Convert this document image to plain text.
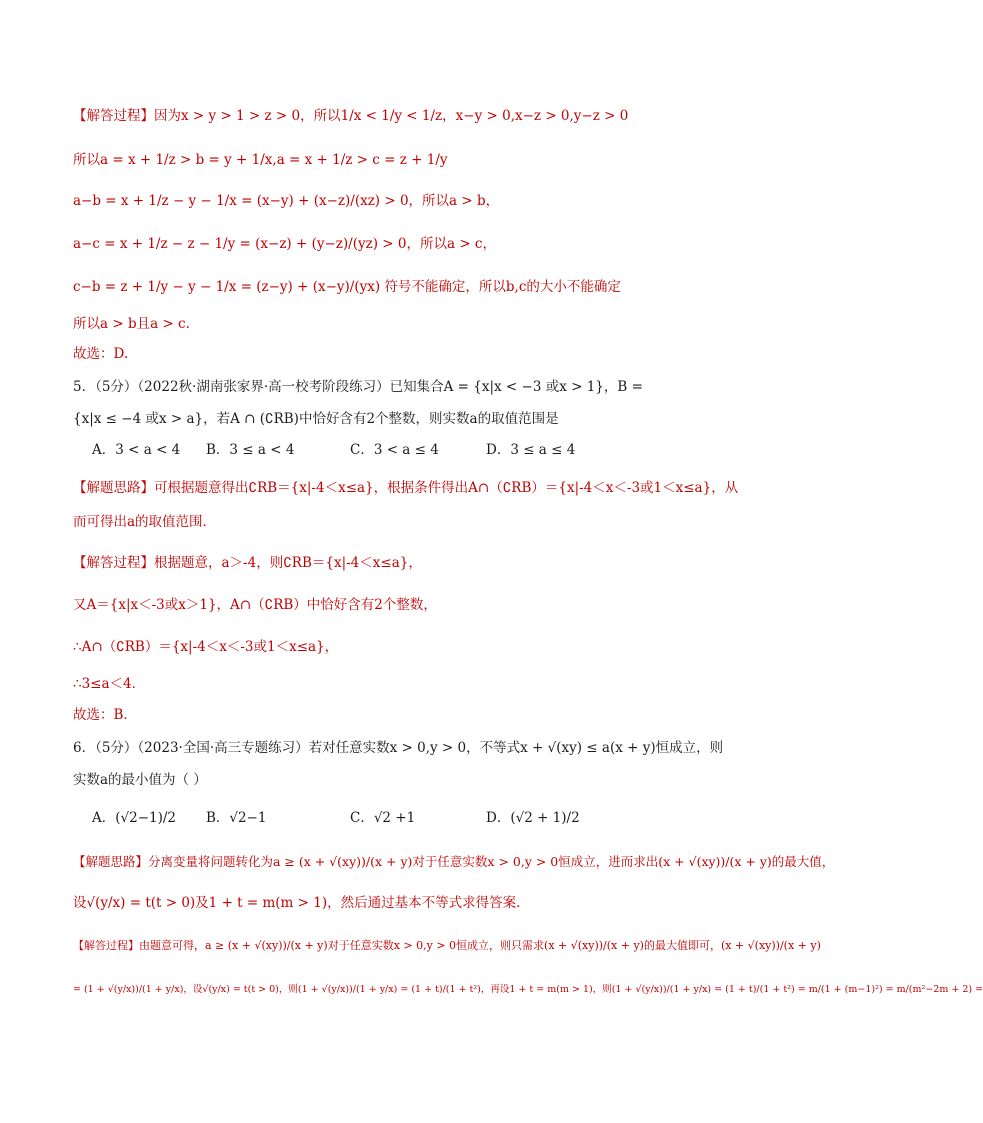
【解答过程】因为x > y > 1 > z > 0，所以1/x < 1/y < 1/z，x−y > 0,x−z > 0,y−z > 0
所以a = x + 1/z > b = y + 1/x,a = x + 1/z > c = z + 1/y
a−b = x + 1/z − y − 1/x = (x−y) + (x−z)/(xz) > 0，所以a > b，
a−c = x + 1/z − z − 1/y = (x−z) + (y−z)/(yz) > 0，所以a > c，
c−b = z + 1/y − y − 1/x = (z−y) + (x−y)/(yx) 符号不能确定，所以b,c的大小不能确定
所以a > b且a > c.
故选：D.
5．（5分）（2022秋·湖南张家界·高一校考阶段练习）已知集合A = {x|x < −3 或x > 1}，B =
{x|x ≤ −4 或x > a}，若A ∩ (∁RB)中恰好含有2个整数，则实数a的取值范围是
A．3 < a < 4 B．3 ≤ a < 4	C．3 < a ≤ 4	D．3 ≤ a ≤ 4
【解题思路】可根据题意得出∁RB＝{x|-4＜x≤a}，根据条件得出A∩（∁RB）＝{x|-4＜x＜-3或1＜x≤a}，从
而可得出a的取值范围．
【解答过程】根据题意，a＞-4，则∁RB＝{x|-4＜x≤a}，
又A＝{x|x＜-3或x＞1}，A∩（∁RB）中恰好含有2个整数，
∴A∩（∁RB）＝{x|-4＜x＜-3或1＜x≤a}，
∴3≤a＜4．
故选：B．
6．（5分）（2023·全国·高三专题练习）若对任意实数x > 0,y > 0，不等式x + √(xy) ≤ a(x + y)恒成立，则
实数a的最小值为（ ）
A．(√2−1)/2 B．√2−1	C．√2 +1	D．(√2 + 1)/2
【解题思路】分离变量将问题转化为a ≥ (x + √(xy))/(x + y)对于任意实数x > 0,y > 0恒成立，进而求出(x + √(xy))/(x + y)的最大值，
设√(y/x) = t(t > 0)及1 + t = m(m > 1)，然后通过基本不等式求得答案.
【解答过程】由题意可得，a ≥ (x + √(xy))/(x + y)对于任意实数x > 0,y > 0恒成立，则只需求(x + √(xy))/(x + y)的最大值即可，(x + √(xy))/(x + y)
= (1 + √(y/x))/(1 + y/x)，设√(y/x) = t(t > 0)，则(1 + √(y/x))/(1 + y/x) = (1 + t)/(1 + t²)，再设1 + t = m(m > 1)，则(1 + √(y/x))/(1 + y/x) = (1 + t)/(1 + t²) = m/(1 + (m−1)²) = m/(m²−2m + 2) =
